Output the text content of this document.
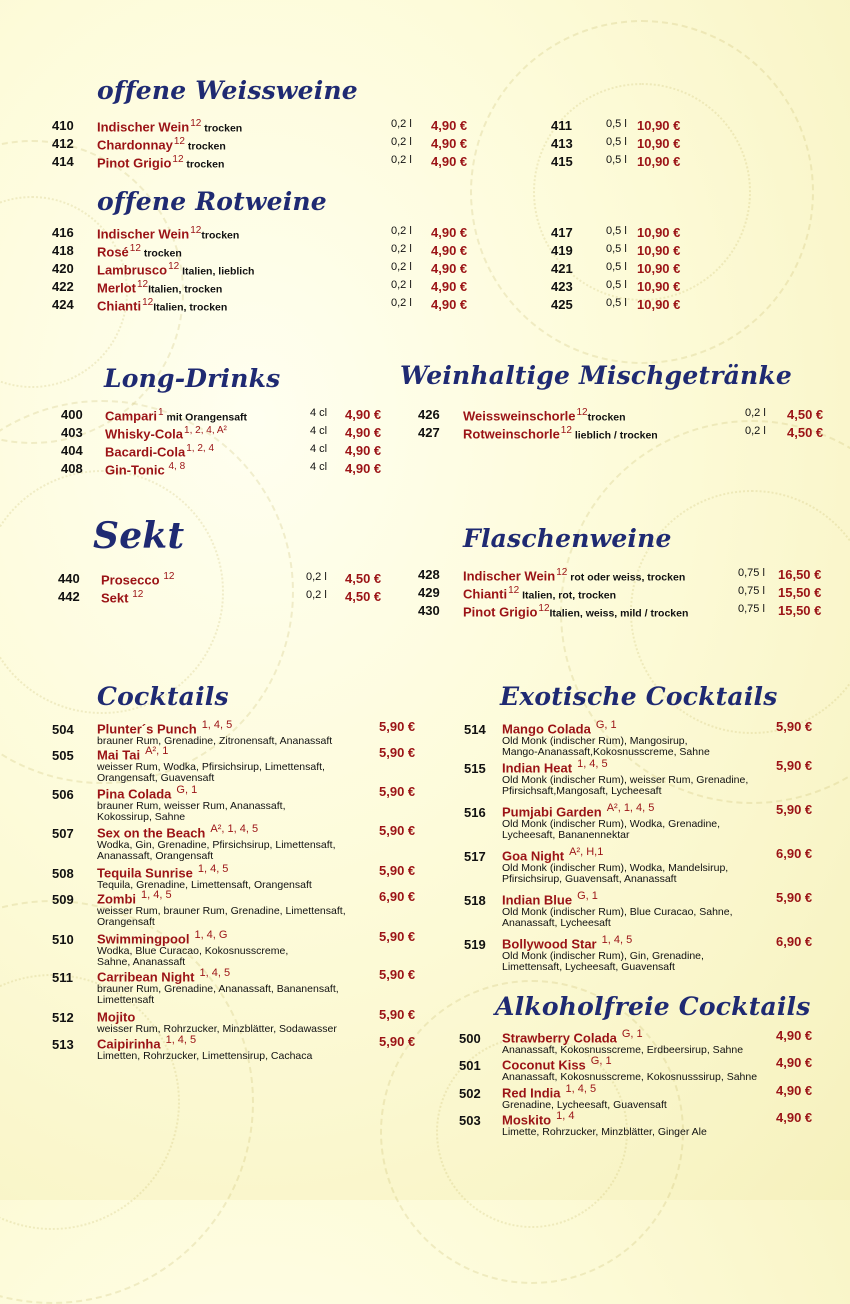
offene Weissweine
410 Indischer Wein$^{12}$ trocken	0,2 l 4,90 €	411	0,5 l 10,90 €
412 Chardonnay$^{12}$ trocken	0,2 l 4,90 €	413	0,5 l 10,90 €
414 Pinot Grigio$^{12}$ trocken	0,2 l 4,90 €	415	0,5 l 10,90 €
offene Rotweine
416 Indischer Wein$^{12}$trocken	0,2 l 4,90 €	417	0,5 l 10,90 €
418 Rosé$^{12}$ trocken	0,2 l 4,90 €	419	0,5 l 10,90 €
420 Lambrusco$^{12}$ Italien, lieblich	0,2 l 4,90 €	421	0,5 l 10,90 €
422 Merlot$^{12}$Italien, trocken	0,2 l 4,90 €	423	0,5 l 10,90 €
424 Chianti$^{12}$Italien, trocken	0,2 l 4,90 €	425	0,5 l 10,90 €
Long-Drinks
400 Campari$^1$ mit Orangensaft	4 cl 4,90 €
403 Whisky-Cola$^{1, 2, 4, A^2}$	4 cl 4,90 €
404 Bacardi-Cola$^{1, 2, 4}$	4 cl 4,90 €
408 Gin-Tonic $^{4, 8}$	4 cl 4,90 €
Weinhaltige Mischgetränke
426 Weissweinschorle$^{12}$trocken	0,2 l 4,50 €
427 Rotweinschorle$^{12}$ lieblich / trocken	0,2 l 4,50 €
Sekt
440 Prosecco $^{12}$	0,2 l 4,50 €
442 Sekt $^{12}$	0,2 l 4,50 €
Flaschenweine
428 Indischer Wein$^{12}$ rot oder weiss, trocken	0,75 l 16,50 €
429 Chianti$^{12}$ Italien, rot, trocken	0,75 l 15,50 €
430 Pinot Grigio$^{12}$Italien, weiss, mild / trocken	0,75 l 15,50 €
Cocktails
504 Plunter´s Punch $^{1, 4, 5}$	5,90 €
brauner Rum, Grenadine, Zitronensaft, Ananassaft
505 Mai Tai $^{A^2, 1}$	5,90 €
weisser Rum, Wodka, Pfirsichsirup, Limettensaft,
Orangensaft, Guavensaft
506 Pina Colada $^{G, 1}$	5,90 €
brauner Rum, weisser Rum, Ananassaft,
Kokossirup, Sahne
507 Sex on the Beach $^{A^2, 1, 4, 5}$	5,90 €
Wodka, Gin, Grenadine, Pfirsichsirup, Limettensaft,
Ananassaft, Orangensaft
508 Tequila Sunrise $^{1, 4, 5}$	5,90 €
Tequila, Grenadine, Limettensaft, Orangensaft
509 Zombi $^{1, 4, 5}$	6,90 €
weisser Rum, brauner Rum, Grenadine, Limettensaft,
Orangensaft
510 Swimmingpool $^{1, 4, G}$	5,90 €
Wodka, Blue Curacao, Kokosnusscreme,
Sahne, Ananassaft
511 Carribean Night $^{1, 4, 5}$	5,90 €
brauner Rum, Grenadine, Ananassaft, Bananensaft,
Limettensaft
512 Mojito	5,90 €
weisser Rum, Rohrzucker, Minzblätter, Sodawasser
513 Caipirinha $^{1, 4, 5}$	5,90 €
Limetten, Rohrzucker, Limettensirup, Cachaca
Exotische Cocktails
514 Mango Colada $^{G, 1}$	5,90 €
Old Monk (indischer Rum), Mangosirup,
Mango-Ananassaft,Kokosnusscreme, Sahne
515 Indian Heat $^{1, 4, 5}$	5,90 €
Old Monk (indischer Rum), weisser Rum, Grenadine,
Pfirsichsaft,Mangosaft, Lycheesaft
516 Pumjabi Garden $^{A^2, 1, 4, 5}$	5,90 €
Old Monk (indischer Rum), Wodka, Grenadine,
Lycheesaft, Bananennektar
517 Goa Night $^{A^2, H,1}$	6,90 €
Old Monk (indischer Rum), Wodka, Mandelsirup,
Pfirsichsirup, Guavensaft, Ananassaft
518 Indian Blue $^{G, 1}$	5,90 €
Old Monk (indischer Rum), Blue Curacao, Sahne,
Ananassaft, Lycheesaft
519 Bollywood Star $^{1, 4, 5}$	6,90 €
Old Monk (indischer Rum), Gin, Grenadine,
Limettensaft, Lycheesaft, Guavensaft
Alkoholfreie Cocktails
500 Strawberry Colada $^{G, 1}$	4,90 €
Ananassaft, Kokosnusscreme, Erdbeersirup, Sahne
501 Coconut Kiss $^{G, 1}$	4,90 €
Ananassaft, Kokosnusscreme, Kokosnusssirup, Sahne
502 Red India $^{1, 4, 5}$	4,90 €
Grenadine, Lycheesaft, Guavensaft
503 Moskito $^{1, 4}$	4,90 €
Limette, Rohrzucker, Minzblätter, Ginger Ale
